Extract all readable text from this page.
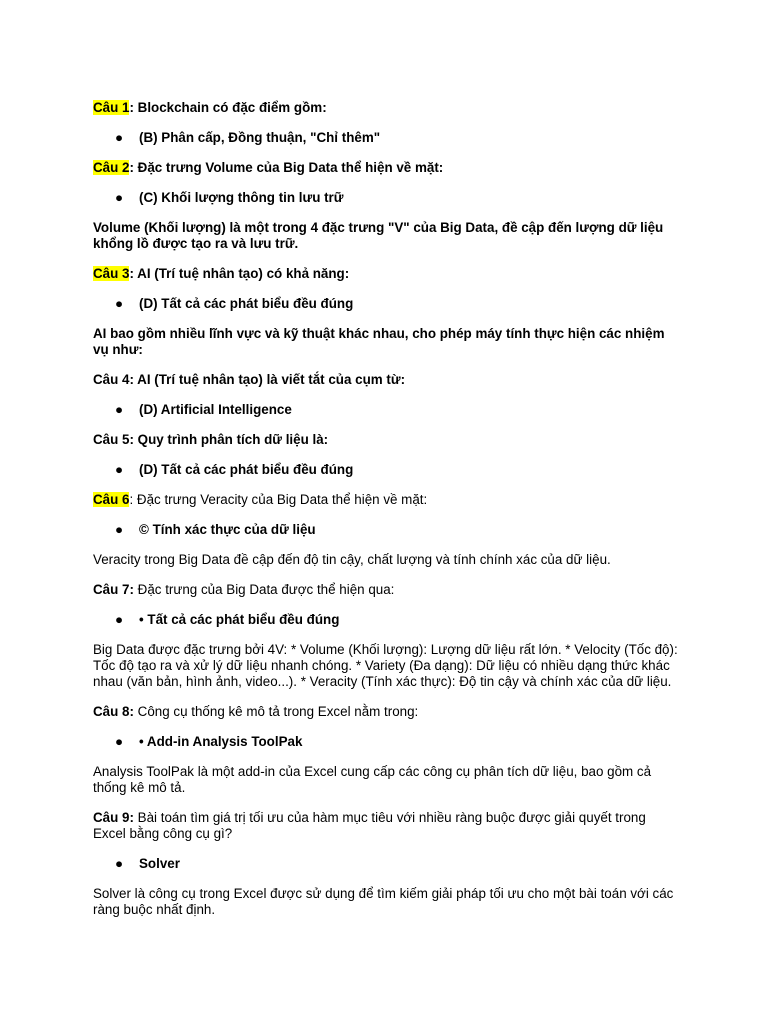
Câu 1: Blockchain có đặc điểm gồm:

● (B) Phân cấp, Đồng thuận, "Chỉ thêm"

Câu 2: Đặc trưng Volume của Big Data thể hiện về mặt:

● (C) Khối lượng thông tin lưu trữ

Volume (Khối lượng) là một trong 4 đặc trưng "V" của Big Data, đề cập đến lượng dữ liệu khổng lồ được tạo ra và lưu trữ.

Câu 3: AI (Trí tuệ nhân tạo) có khả năng:

● (D) Tất cả các phát biểu đều đúng

AI bao gồm nhiều lĩnh vực và kỹ thuật khác nhau, cho phép máy tính thực hiện các nhiệm vụ như:

Câu 4: AI (Trí tuệ nhân tạo) là viết tắt của cụm từ:

● (D) Artificial Intelligence

Câu 5: Quy trình phân tích dữ liệu là:

● (D) Tất cả các phát biểu đều đúng

Câu 6: Đặc trưng Veracity của Big Data thể hiện về mặt:

● © Tính xác thực của dữ liệu

Veracity trong Big Data đề cập đến độ tin cậy, chất lượng và tính chính xác của dữ liệu.

Câu 7: Đặc trưng của Big Data được thể hiện qua:

● • Tất cả các phát biểu đều đúng

Big Data được đặc trưng bởi 4V: * Volume (Khối lượng): Lượng dữ liệu rất lớn. * Velocity (Tốc độ): Tốc độ tạo ra và xử lý dữ liệu nhanh chóng. * Variety (Đa dạng): Dữ liệu có nhiều dạng thức khác nhau (văn bản, hình ảnh, video...). * Veracity (Tính xác thực): Độ tin cậy và chính xác của dữ liệu.

Câu 8: Công cụ thống kê mô tả trong Excel nằm trong:

● • Add-in Analysis ToolPak

Analysis ToolPak là một add-in của Excel cung cấp các công cụ phân tích dữ liệu, bao gồm cả thống kê mô tả.

Câu 9: Bài toán tìm giá trị tối ưu của hàm mục tiêu với nhiều ràng buộc được giải quyết trong Excel bằng công cụ gì?

● Solver

Solver là công cụ trong Excel được sử dụng để tìm kiếm giải pháp tối ưu cho một bài toán với các ràng buộc nhất định.
